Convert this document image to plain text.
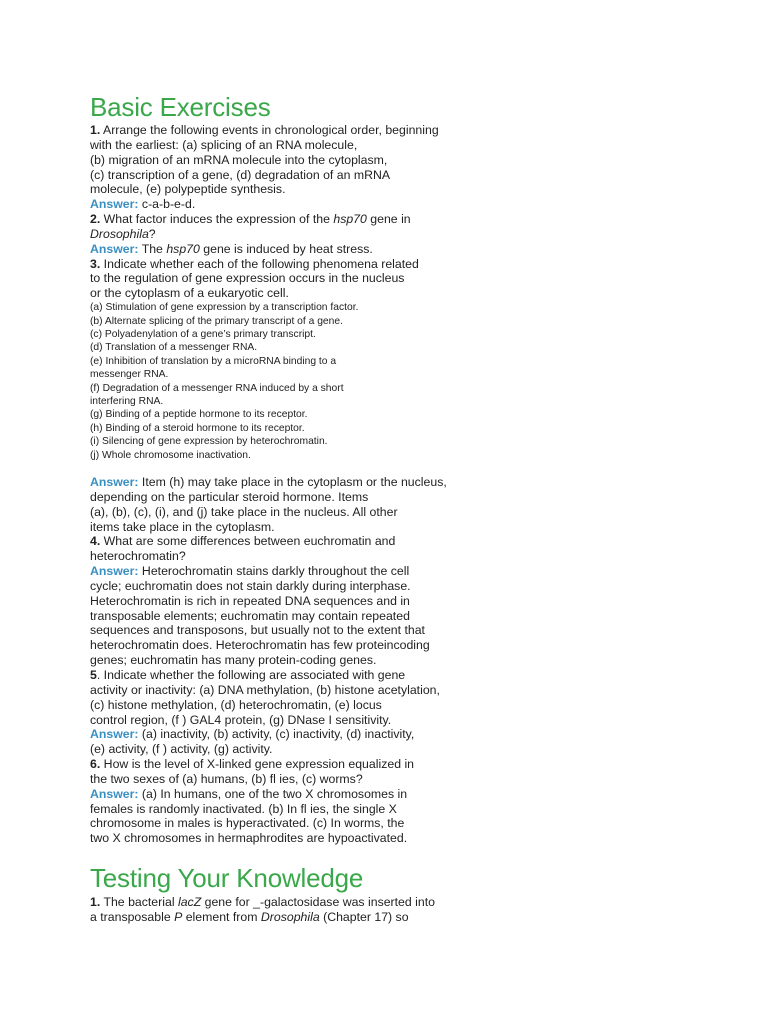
Basic Exercises
1. Arrange the following events in chronological order, beginning
with the earliest: (a) splicing of an RNA molecule,
(b) migration of an mRNA molecule into the cytoplasm,
(c) transcription of a gene, (d) degradation of an mRNA
molecule, (e) polypeptide synthesis.
Answer: c-a-b-e-d.
2. What factor induces the expression of the hsp70 gene in
Drosophila?
Answer: The hsp70 gene is induced by heat stress.
3. Indicate whether each of the following phenomena related
to the regulation of gene expression occurs in the nucleus
or the cytoplasm of a eukaryotic cell.
(a) Stimulation of gene expression by a transcription factor.
(b) Alternate splicing of the primary transcript of a gene.
(c) Polyadenylation of a gene’s primary transcript.
(d) Translation of a messenger RNA.
(e) Inhibition of translation by a microRNA binding to a
messenger RNA.
(f) Degradation of a messenger RNA induced by a short
interfering RNA.
(g) Binding of a peptide hormone to its receptor.
(h) Binding of a steroid hormone to its receptor.
(i) Silencing of gene expression by heterochromatin.
(j) Whole chromosome inactivation.
Answer: Item (h) may take place in the cytoplasm or the nucleus,
depending on the particular steroid hormone. Items
(a), (b), (c), (i), and (j) take place in the nucleus. All other
items take place in the cytoplasm.
4. What are some differences between euchromatin and
heterochromatin?
Answer: Heterochromatin stains darkly throughout the cell
cycle; euchromatin does not stain darkly during interphase.
Heterochromatin is rich in repeated DNA sequences and in
transposable elements; euchromatin may contain repeated
sequences and transposons, but usually not to the extent that
heterochromatin does. Heterochromatin has few proteincoding
genes; euchromatin has many protein-coding genes.
5. Indicate whether the following are associated with gene
activity or inactivity: (a) DNA methylation, (b) histone acetylation,
(c) histone methylation, (d) heterochromatin, (e) locus
control region, (f ) GAL4 protein, (g) DNase I sensitivity.
Answer: (a) inactivity, (b) activity, (c) inactivity, (d) inactivity,
(e) activity, (f ) activity, (g) activity.
6. How is the level of X-linked gene expression equalized in
the two sexes of (a) humans, (b) fl ies, (c) worms?
Answer: (a) In humans, one of the two X chromosomes in
females is randomly inactivated. (b) In fl ies, the single X
chromosome in males is hyperactivated. (c) In worms, the
two X chromosomes in hermaphrodites are hypoactivated.
Testing Your Knowledge
1. The bacterial lacZ gene for _-galactosidase was inserted into
a transposable P element from Drosophila (Chapter 17) so
